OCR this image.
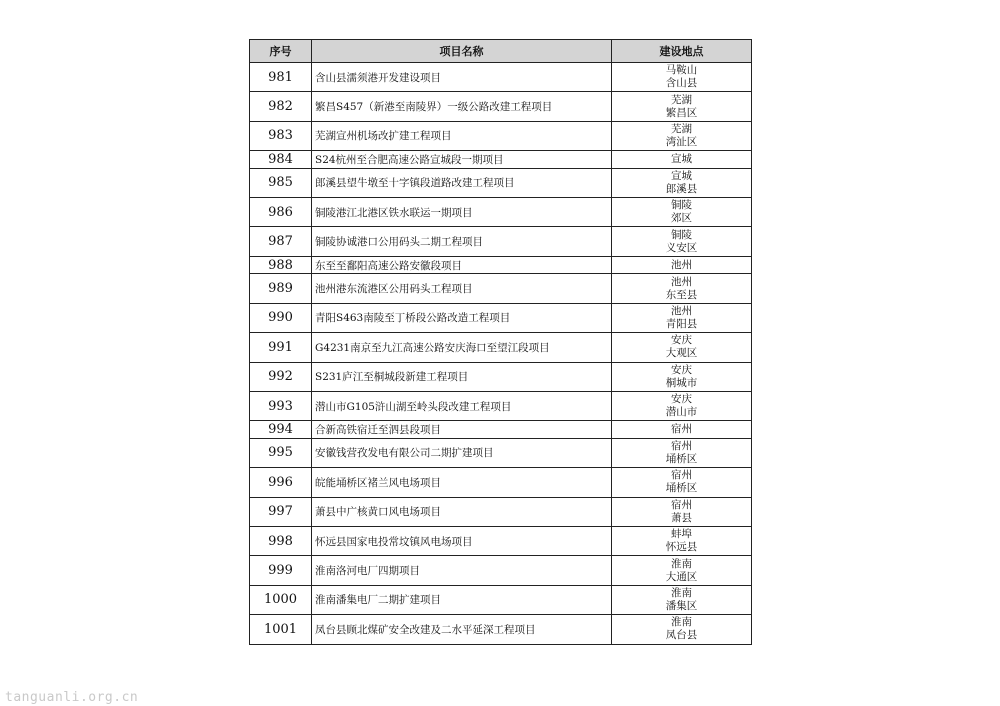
序号	项目名称	建设地点
981	含山县濡须港开发建设项目	马鞍山
含山县

982	繁昌S457（新港至南陵界）一级公路改建工程项目	芜湖
繁昌区

983	芜湖宣州机场改扩建工程项目	芜湖
湾沚区

984	S24杭州至合肥高速公路宣城段一期项目	宣城

985	郎溪县望牛墩至十字镇段道路改建工程项目	宣城
郎溪县

986	铜陵港江北港区铁水联运一期项目	铜陵
郊区

987	铜陵协诚港口公用码头二期工程项目	铜陵
义安区

988	东至至鄱阳高速公路安徽段项目	池州

989	池州港东流港区公用码头工程项目	池州
东至县

990	青阳S463南陵至丁桥段公路改造工程项目	池州
青阳县

991	G4231南京至九江高速公路安庆海口至望江段项目	安庆
大观区

992	S231庐江至桐城段新建工程项目	安庆
桐城市

993	潜山市G105浒山湖至岭头段改建工程项目	安庆
潜山市

994	合新高铁宿迁至泗县段项目	宿州

995	安徽钱营孜发电有限公司二期扩建项目	宿州
埇桥区

996	皖能埇桥区褚兰风电场项目	宿州
埇桥区

997	萧县中广核黄口风电场项目	宿州
萧县

998	怀远县国家电投常坟镇风电场项目	蚌埠
怀远县

999	淮南洛河电厂四期项目	淮南
大通区

1000	淮南潘集电厂二期扩建项目	淮南
潘集区

1001	凤台县顾北煤矿安全改建及二水平延深工程项目	淮南
凤台县
tanguanli.org.cn
